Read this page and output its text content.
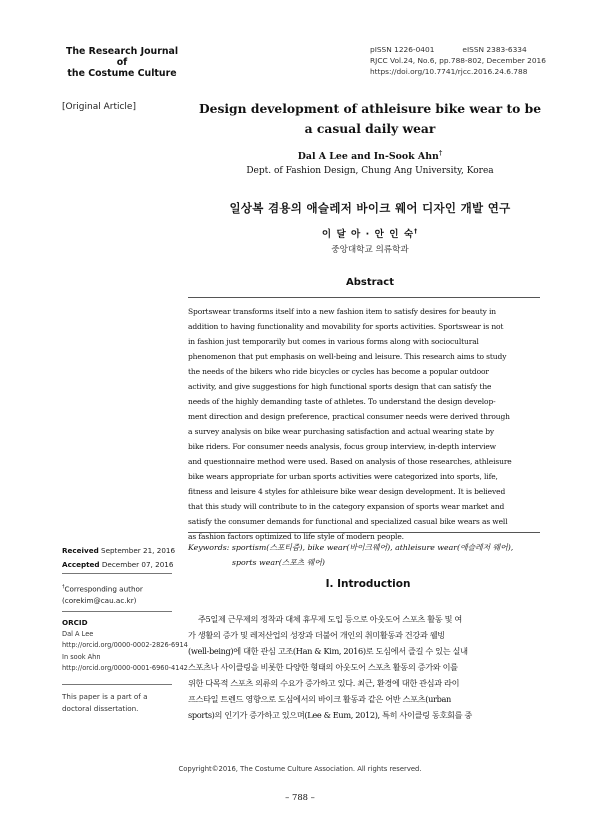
The Research Journal of
the Costume Culture
pISSN 1226-0401	eISSN 2383-6334
RJCC Vol.24, No.6, pp.788-802, December 2016
https://doi.org/10.7741/rjcc.2016.24.6.788
[Original Article]	Design development of athleisure bike wear to be
a casual daily wear
Dal A Lee and In-Sook Ahn†
Dept. of Fashion Design, Chung Ang University, Korea
일상복 겸용의 애슬레저 바이크 웨어 디자인 개발 연구
이 달 아 · 안 인 숙†
중앙대학교 의류학과
Abstract
Sportswear transforms itself into a new fashion item to satisfy desires for beauty in
addition to having functionality and movability for sports activities. Sportswear is not
in fashion just temporarily but comes in various forms along with sociocultural
phenomenon that put emphasis on well-being and leisure. This research aims to study
the needs of the bikers who ride bicycles or cycles has become a popular outdoor
activity, and give suggestions for high functional sports design that can satisfy the
needs of the highly demanding taste of athletes. To understand the design develop-
ment direction and design preference, practical consumer needs were derived through
a survey analysis on bike wear purchasing satisfaction and actual wearing state by
bike riders. For consumer needs analysis, focus group interview, in-depth interview
and questionnaire method were used. Based on analysis of those researches, athleisure
bike wears appropriate for urban sports activities were categorized into sports, life,
fitness and leisure 4 styles for athleisure bike wear design development. It is believed
that this study will contribute to in the category expansion of sports wear market and
satisfy the consumer demands for functional and specialized casual bike wears as well
as fashion factors optimized to life style of modern people.
Keywords: sportism(스포티즘), bike wear(바이크웨어), athleisure wear(애슬레저 웨어),
sports wear(스포츠 웨어)
Received September 21, 2016
Accepted December 07, 2016
†Corresponding author
(corekim@cau.ac.kr)
ORCID
Dal A Lee
http://orcid.org/0000-0002-2826-6914
In sook Ahn
http://orcid.org/0000-0001-6960-4142
This paper is a part of a
doctoral dissertation.
I. Introduction
주5일제 근무제의 정착과 대체 휴무제 도입 등으로 아웃도어 스포츠 활동 및 여
가 생활의 증가 및 레저산업의 성장과 더불어 개인의 취미활동과 건강과 웰빙
(well-being)에 대한 관심 고조(Han & Kim, 2016)로 도심에서 즐길 수 있는 실내
스포츠나 사이클링을 비롯한 다양한 형태의 아웃도어 스포츠 활동의 증가와 이를
위한 다목적 스포츠 의류의 수요가 증가하고 있다. 최근, 환경에 대한 관심과 라이
프스타일 트렌드 영향으로 도심에서의 바이크 활동과 같은 어반 스포츠(urban
sports)의 인기가 증가하고 있으며(Lee & Eum, 2012), 특히 사이클링 동호회를 중
Copyright©2016, The Costume Culture Association. All rights reserved.
– 788 –
